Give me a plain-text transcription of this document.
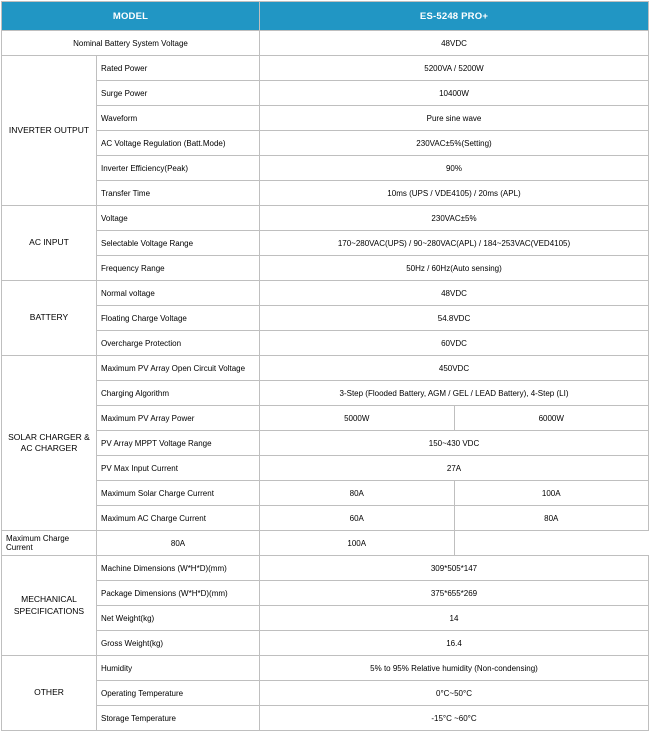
MODEL		ES-5248 PRO+	
Nominal Battery System Voltage		48VDC	
INVERTER OUTPUT	Rated Power	5200VA / 5200W	
	Surge Power	10400W	
	Waveform	Pure sine wave	
	AC Voltage Regulation (Batt.Mode)	230VAC±5%(Setting)	
	Inverter Efficiency(Peak)	90%	
	Transfer Time	10ms (UPS / VDE4105) / 20ms (APL)	
AC INPUT	Voltage	230VAC±5%	
	Selectable Voltage Range	170~280VAC(UPS) / 90~280VAC(APL) / 184~253VAC(VED4105)	
	Frequency Range	50Hz / 60Hz(Auto sensing)	
BATTERY	Normal voltage	48VDC	
	Floating Charge Voltage	54.8VDC	
	Overcharge Protection	60VDC	
SOLAR CHARGER & AC CHARGER	Maximum PV Array Open Circuit Voltage	450VDC	
	Charging Algorithm	3-Step (Flooded Battery, AGM / GEL / LEAD Battery), 4-Step (LI)	
	Maximum PV Array Power	5000W	6000W
	PV Array MPPT Voltage Range	150~430 VDC	
	PV Max Input Current	27A	
	Maximum Solar Charge Current	80A	100A
	Maximum AC Charge Current	60A	80A
Maximum Charge Current	80A	100A	
MECHANICAL SPECIFICATIONS	Machine Dimensions (W*H*D)(mm)	309*505*147	
	Package Dimensions (W*H*D)(mm)	375*655*269	
	Net Weight(kg)	14	
	Gross Weight(kg)	16.4	
OTHER	Humidity	5% to 95% Relative humidity (Non-condensing)	
	Operating Temperature	0°C~50°C	
	Storage Temperature	-15°C ~60°C	
